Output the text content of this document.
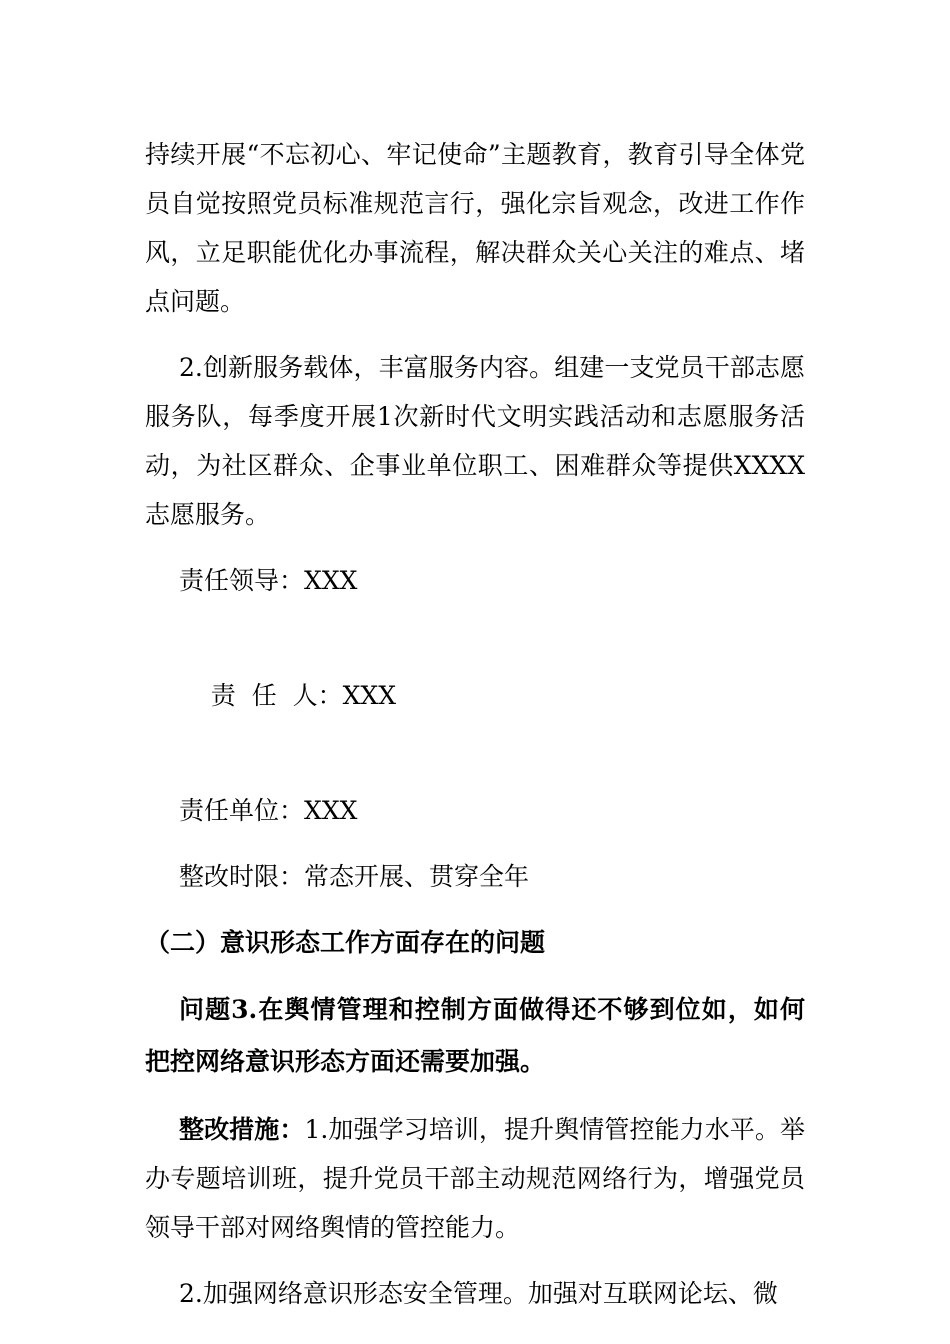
持续开展“不忘初心、牢记使命”主题教育，教育引导全体党员自觉按照党员标准规范言行，强化宗旨观念，改进工作作风，立足职能优化办事流程，解决群众关心关注的难点、堵点问题。

2.创新服务载体，丰富服务内容。组建一支党员干部志愿服务队，每季度开展1次新时代文明实践活动和志愿服务活动，为社区群众、企事业单位职工、困难群众等提供XXXX志愿服务。

责任领导：XXX

责  任  人：XXX

责任单位：XXX
整改时限：常态开展、贯穿全年
（二）意识形态工作方面存在的问题

问题3.在舆情管理和控制方面做得还不够到位如，如何把控网络意识形态方面还需要加强。

整改措施：1.加强学习培训，提升舆情管控能力水平。举办专题培训班，提升党员干部主动规范网络行为，增强党员领导干部对网络舆情的管控能力。

2.加强网络意识形态安全管理。加强对互联网论坛、微
